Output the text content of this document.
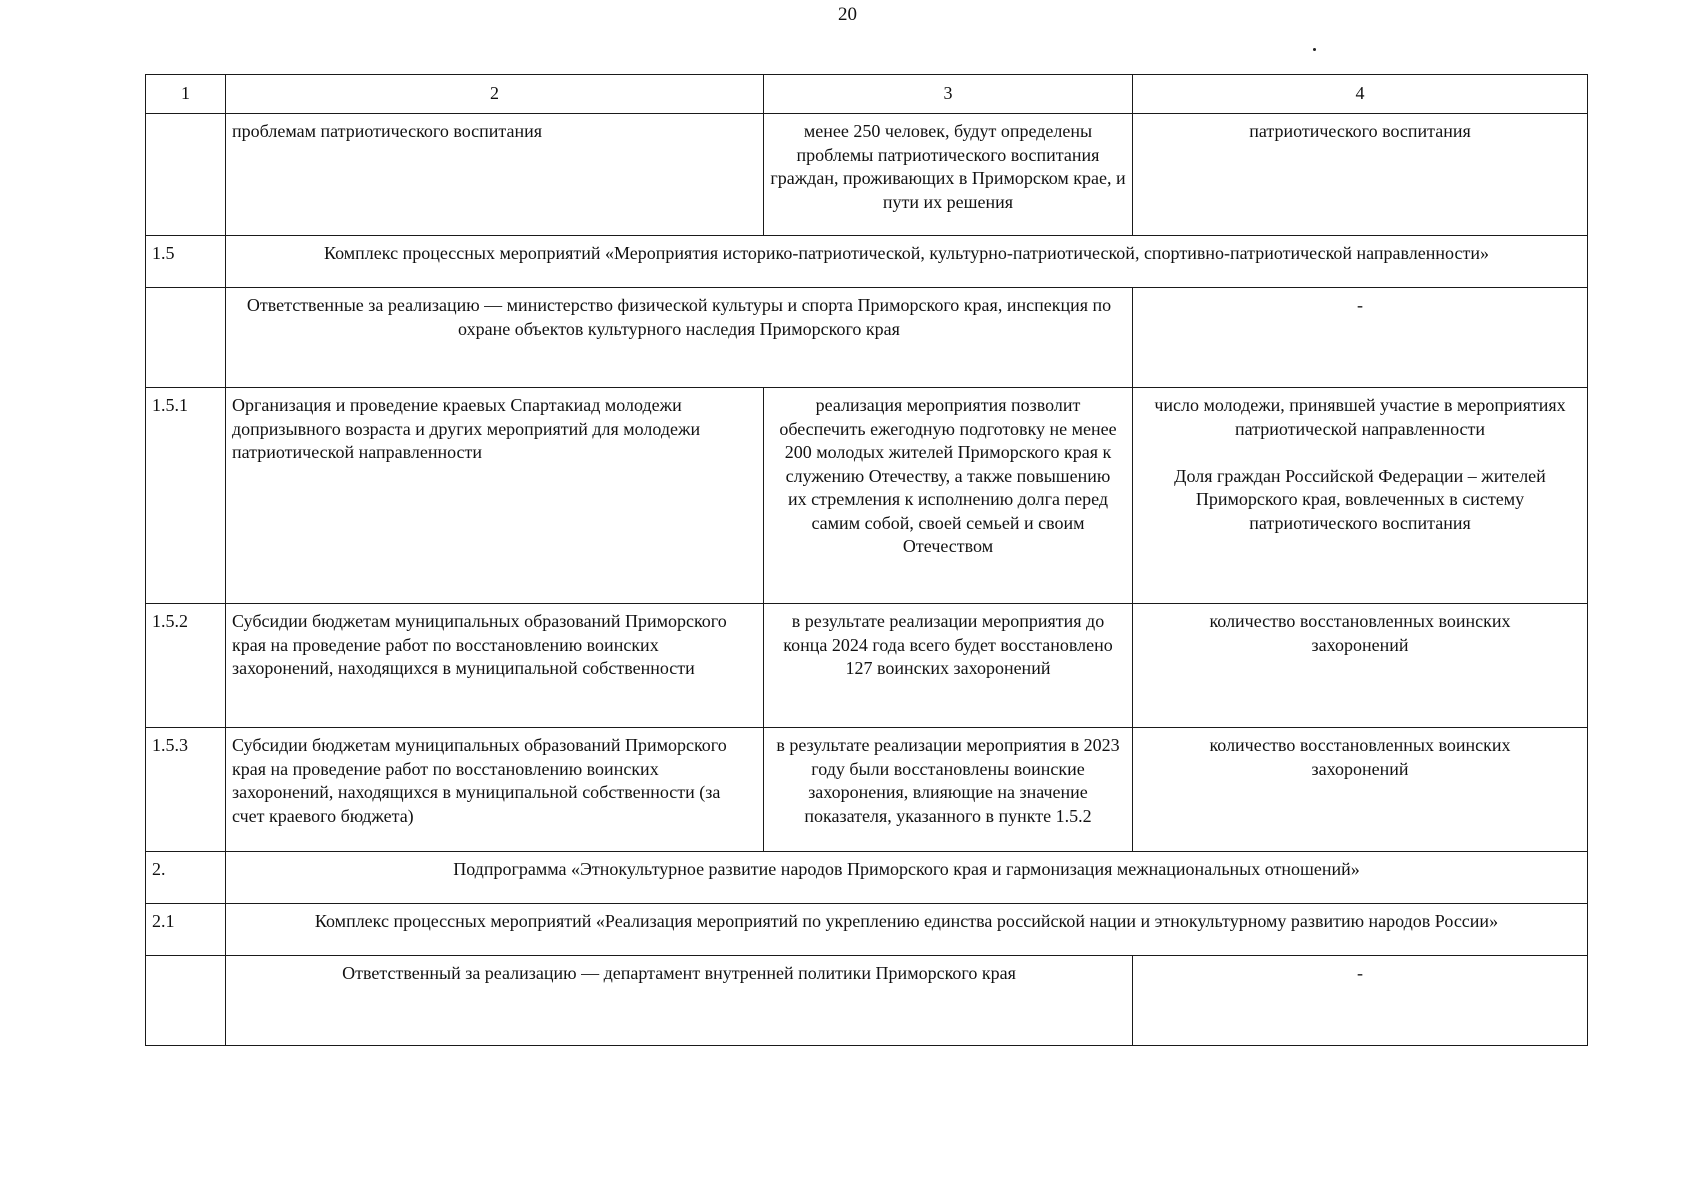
20
1	2	3	4
	проблемам патриотического воспитания	менее 250 человек, будут определены проблемы патриотического воспитания граждан, проживающих в Приморском крае, и пути их решения	патриотического воспитания
1.5	Комплекс процессных мероприятий «Мероприятия историко-патриотической, культурно-патриотической, спортивно-патриотической направленности»		
	Ответственные за реализацию — министерство физической культуры и спорта Приморского края, инспекция по охране объектов культурного наследия Приморского края		-
1.5.1	Организация и проведение краевых Спартакиад молодежи допризывного возраста и других мероприятий для молодежи патриотической направленности	реализация мероприятия позволит обеспечить ежегодную подготовку не менее 200 молодых жителей Приморского края к служению Отечеству, а также повышению их стремления к исполнению долга перед самим собой, своей семьей и своим Отечеством	число молодежи, принявшей участие в мероприятиях патриотической направленности
Доля граждан Российской Федерации – жителей Приморского края, вовлеченных в систему патриотического воспитания

1.5.2	Субсидии бюджетам муниципальных образований Приморского края на проведение работ по восстановлению воинских захоронений, находящихся в муниципальной собственности	в результате реализации мероприятия до конца 2024 года всего будет восстановлено 127 воинских захоронений	количество восстановленных воинских захоронений
1.5.3	Субсидии бюджетам муниципальных образований Приморского края на проведение работ по восстановлению воинских захоронений, находящихся в муниципальной собственности (за счет краевого бюджета)	в результате реализации мероприятия в 2023 году были восстановлены воинские захоронения, влияющие на значение показателя, указанного в пункте 1.5.2	количество восстановленных воинских захоронений
2.	Подпрограмма «Этнокультурное развитие народов Приморского края и гармонизация межнациональных отношений»		
2.1	Комплекс процессных мероприятий «Реализация мероприятий по укреплению единства российской нации и этнокультурному развитию народов России»		
	Ответственный за реализацию — департамент внутренней политики Приморского края		-
